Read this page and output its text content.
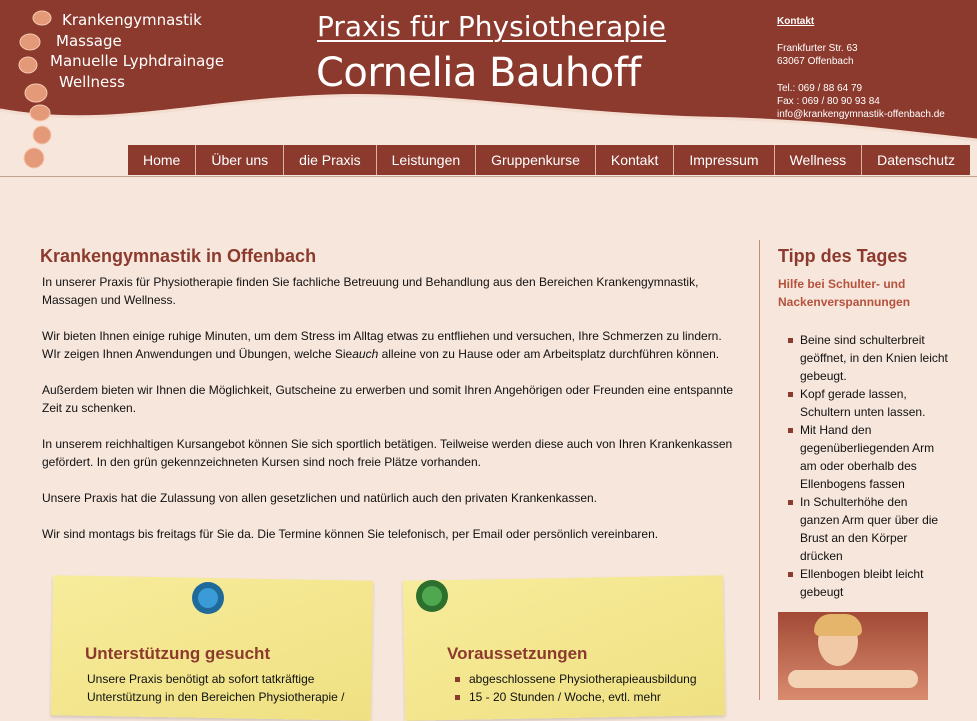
Krankengymnastik
Massage
Manuelle Lyphdrainage
Wellness
Praxis für Physiotherapie
Cornelia Bauhoff
Kontakt
Frankfurter Str. 63
63067 Offenbach
Tel.: 069 / 88 64 79
Fax : 069 / 80 90 93 84
info@krankengymnastik-offenbach.de
Home	Über uns	die Praxis	Leistungen	Gruppenkurse	Kontakt	Impressum	Wellness	Datenschutz
Krankengymnastik in Offenbach

In unserer Praxis für Physiotherapie finden Sie fachliche Betreuung und Behandlung aus den Bereichen Krankengymnastik, Massagen und Wellness.

Wir bieten Ihnen einige ruhige Minuten, um dem Stress im Alltag etwas zu entfliehen und versuchen, Ihre Schmerzen zu lindern. WIr zeigen Ihnen Anwendungen und Übungen, welche Sieauch alleine von zu Hause oder am Arbeitsplatz durchführen können.

Außerdem bieten wir Ihnen die Möglichkeit, Gutscheine zu erwerben und somit Ihren Angehörigen oder Freunden eine entspannte Zeit zu schenken.

In unserem reichhaltigen Kursangebot können Sie sich sportlich betätigen. Teilweise werden diese auch von Ihren Krankenkassen gefördert. In den grün gekennzeichneten Kursen sind noch freie Plätze vorhanden.

Unsere Praxis hat die Zulassung von allen gesetzlichen und natürlich auch den privaten Krankenkassen.

Wir sind montags bis freitags für Sie da. Die Termine können Sie telefonisch, per Email oder persönlich vereinbaren.

Unterstützung gesucht
Unsere Praxis benötigt ab sofort tatkräftige Unterstützung in den Bereichen Physiotherapie /
Voraussetzungen
abgeschlossene Physiotherapieausbildung
15 - 20 Stunden / Woche, evtl. mehr
Tipp des Tages
Hilfe bei Schulter- und Nackenverspannungen
Beine sind schulterbreit geöffnet, in den Knien leicht gebeugt.
Kopf gerade lassen, Schultern unten lassen.
Mit Hand den gegenüberliegenden Arm am oder oberhalb des Ellenbogens fassen
In Schulterhöhe den ganzen Arm quer über die Brust an den Körper drücken
Ellenbogen bleibt leicht gebeugt
